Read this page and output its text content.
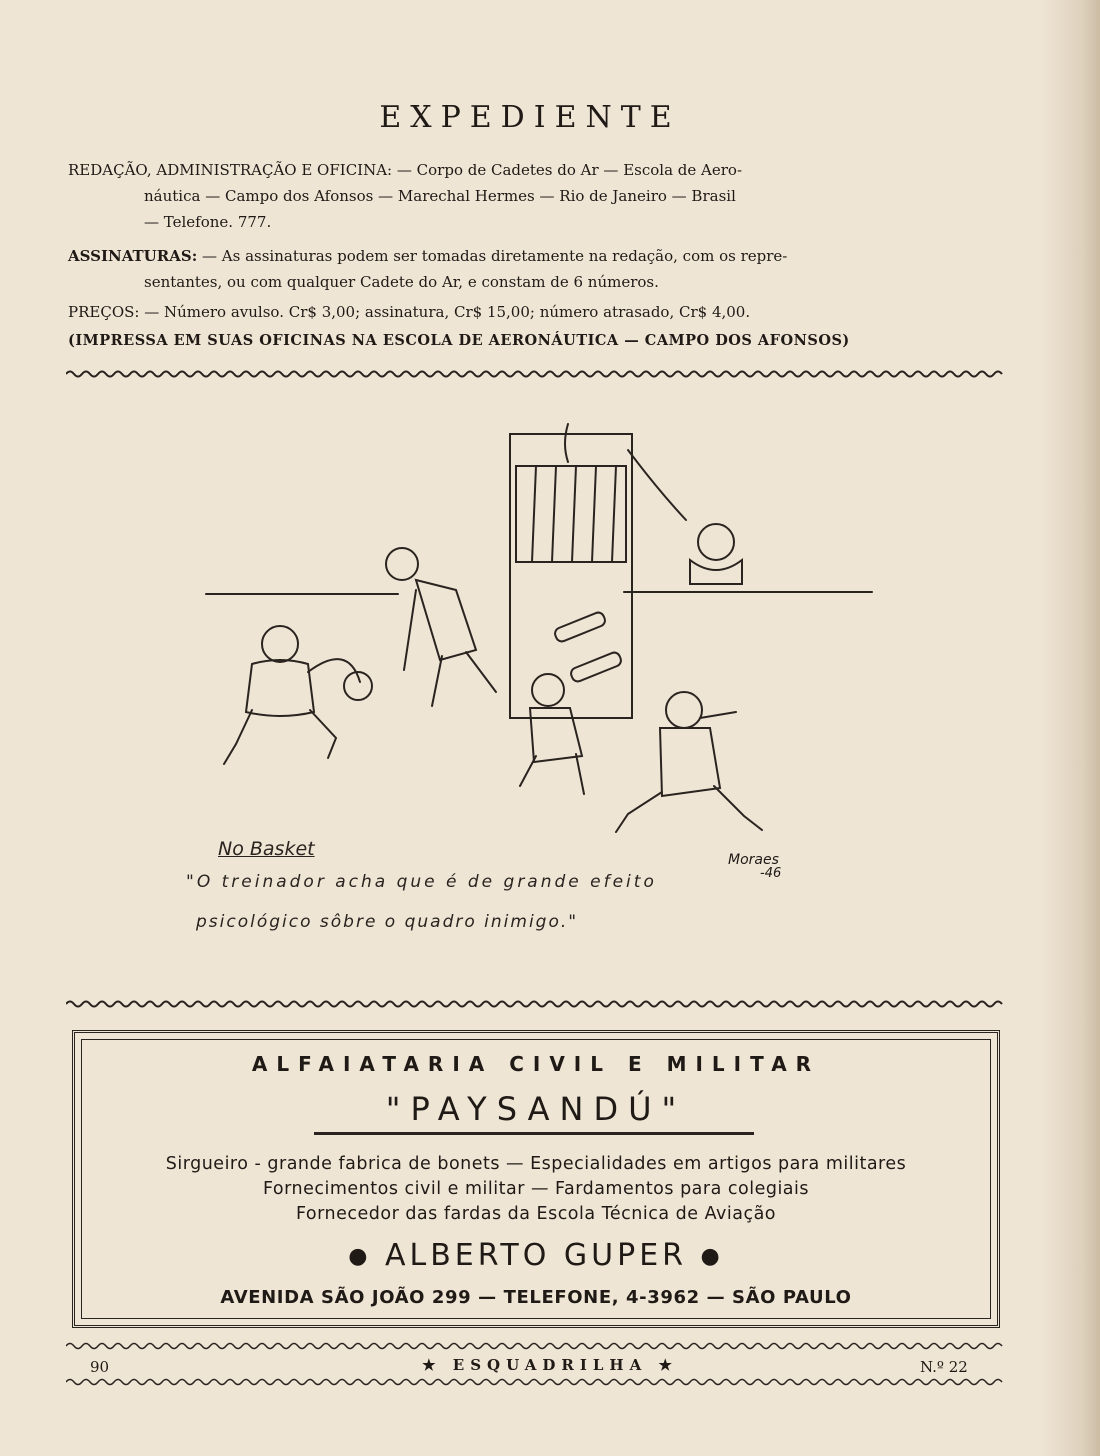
EXPEDIENTE
REDAÇÃO, ADMINISTRAÇÃO E OFICINA: — Corpo de Cadetes do Ar — Escola de Aero-
náutica — Campo dos Afonsos — Marechal Hermes — Rio de Janeiro — Brasil
— Telefone. 777.
ASSINATURAS: — As assinaturas podem ser tomadas diretamente na redação, com os repre-
sentantes, ou com qualquer Cadete do Ar, e constam de 6 números.
PREÇOS: — Número avulso. Cr$ 3,00; assinatura, Cr$ 15,00; número atrasado, Cr$ 4,00.
(IMPRESSA EM SUAS OFICINAS NA ESCOLA DE AERONÁUTICA — CAMPO DOS AFONSOS)
No Basket
"O treinador acha que é de grande efeito
psicológico sôbre o quadro inimigo."
Moraes
-46
ALFAIATARIA CIVIL E MILITAR
"PAYSANDÚ"
Sirgueiro - grande fabrica de bonets — Especialidades em artigos para militares
Fornecimentos civil e militar — Fardamentos para colegiais
Fornecedor das fardas da Escola Técnica de Aviação
● ALBERTO GUPER ●
AVENIDA SÃO JOÃO 299 — TELEFONE, 4-3962 — SÃO PAULO
90	★ ESQUADRILHA ★	N.º 22
